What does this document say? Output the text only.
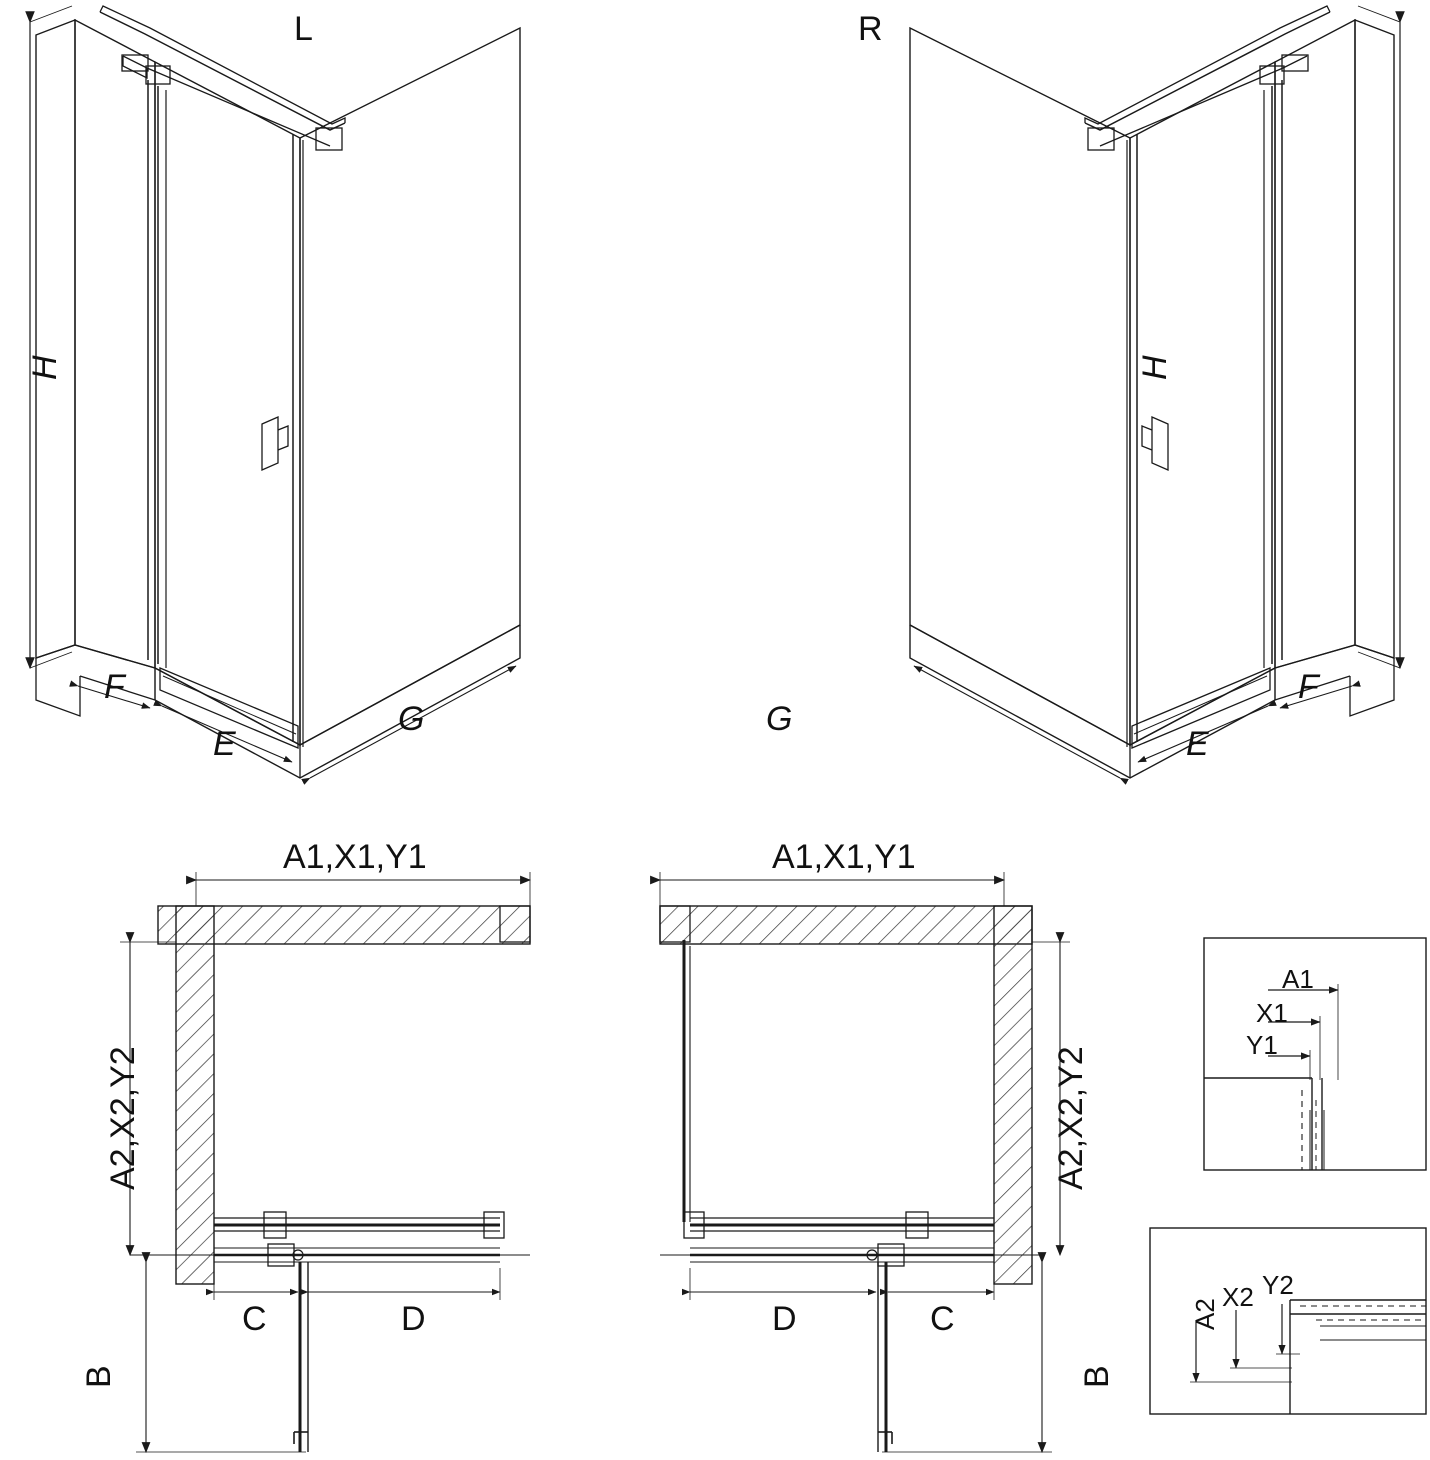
L
H
F
E
G
R
H
F
E
G
A1,X1,Y1
A2,X2,Y2
C	D
B
A1,X1,Y1
A2,X2,Y2
D	C
B
A1
X1
Y1
A2
X2 Y2
